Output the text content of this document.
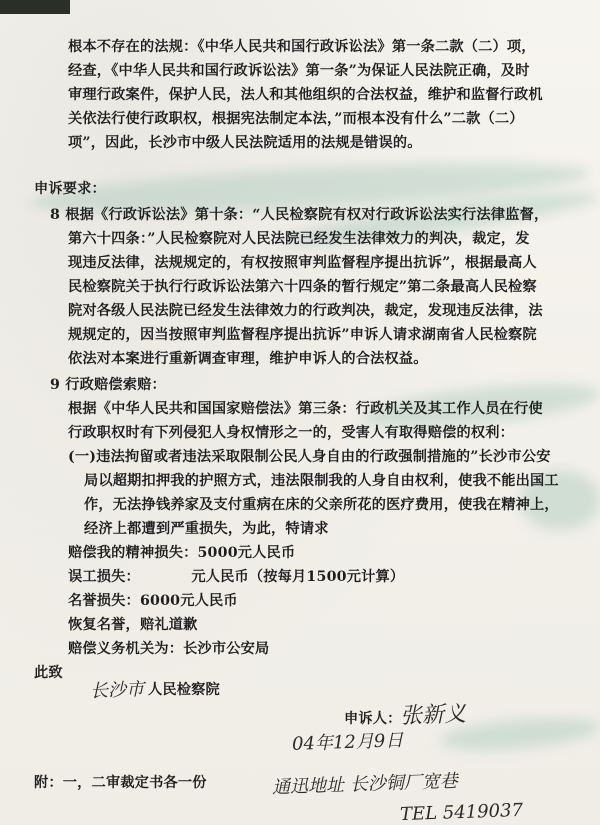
根本不存在的法规：《中华人民共和国行政诉讼法》第一条二款（二）项，
经查，《中华人民共和国行政诉讼法》第一条”为保证人民法院正确，及时
审理行政案件，保护人民，法人和其他组织的合法权益，维护和监督行政机
关依法行使行政职权，根据宪法制定本法，”而根本没有什么”二款（二）
项”，因此，长沙市中级人民法院适用的法规是错误的。
申诉要求：
8 根据《行政诉讼法》第十条：“人民检察院有权对行政诉讼法实行法律监督，
第六十四条：”人民检察院对人民法院已经发生法律效力的判决，裁定，发
现违反法律，法规规定的，有权按照审判监督程序提出抗诉”，根据最高人
民检察院关于执行行政诉讼法第六十四条的暂行规定”第二条最高人民检察
院对各级人民法院已经发生法律效力的行政判决，裁定，发现违反法律，法
规规定的，因当按照审判监督程序提出抗诉”申诉人请求湖南省人民检察院
依法对本案进行重新调查审理，维护申诉人的合法权益。
9 行政赔偿索赔：
根据《中华人民共和国国家赔偿法》第三条：行政机关及其工作人员在行使
行政职权时有下列侵犯人身权情形之一的，受害人有取得赔偿的权利：
(一)违法拘留或者违法采取限制公民人身自由的行政强制措施的”长沙市公安
局以超期扣押我的护照方式，违法限制我的人身自由权利，使我不能出国工
作，无法挣钱养家及支付重病在床的父亲所花的医疗费用，使我在精神上，
经济上都遭到严重损失，为此，特请求
赔偿我的精神损失：5000元人民币
误工损失：          元人民币（按每月1500元计算）
名誉损失：6000元人民币
恢复名誉，赔礼道歉
赔偿义务机关为：长沙市公安局
此致
长沙市 人民检察院
申诉人：
张新义
04年12月9日
附：一，二审裁定书各一份	通迅地址 长沙铜厂宽巷
TEL 5419037
